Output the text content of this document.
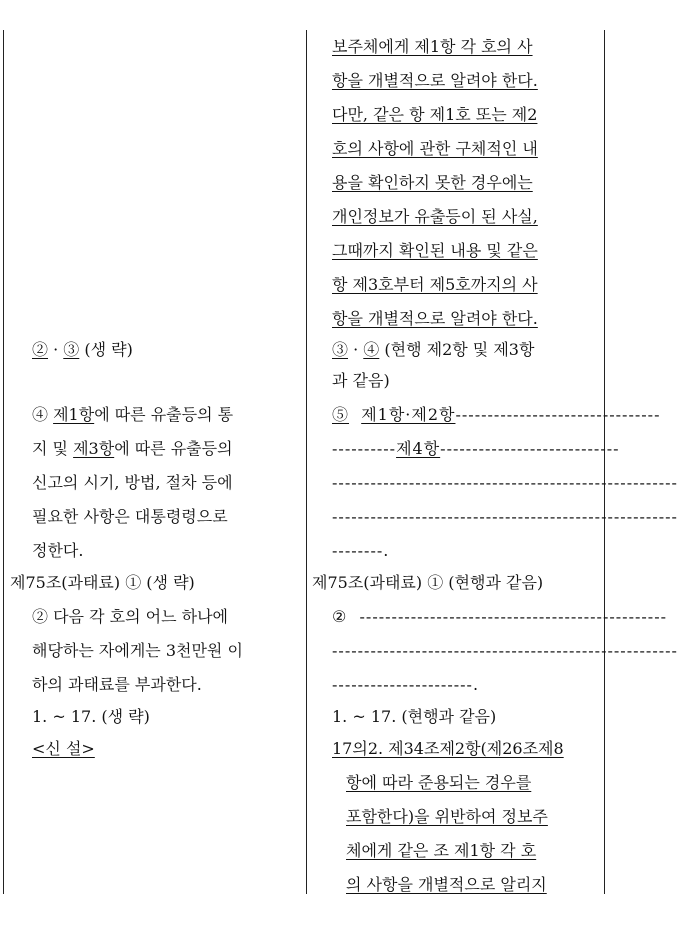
② · ③ (생 략)
④ 제1항에 따른 유출등의 통
지 및 제3항에 따른 유출등의
신고의 시기, 방법, 절차 등에
필요한 사항은 대통령령으로
정한다.
제75조(과태료) ① (생 략)
② 다음 각 호의 어느 하나에
해당하는 자에게는 3천만원 이
하의 과태료를 부과한다.
1. ~ 17. (생 략)
<신 설>
보주체에게 제1항 각 호의 사
항을 개별적으로 알려야 한다.
다만, 같은 항 제1호 또는 제2
호의 사항에 관한 구체적인 내
용을 확인하지 못한 경우에는
개인정보가 유출등이 된 사실,
그때까지 확인된 내용 및 같은
항 제3호부터 제5호까지의 사
항을 개별적으로 알려야 한다.
③ · ④ (현행 제2항 및 제3항
과 같음)
⑤ 제1항·제2항--------------------------------
----------제4항----------------------------
------------------------------------------------------
------------------------------------------------------
--------.
제75조(과태료) ① (현행과 같음)
② ------------------------------------------------
------------------------------------------------------
----------------------.
1. ~ 17. (현행과 같음)
17의2. 제34조제2항(제26조제8
항에 따라 준용되는 경우를
포함한다)을 위반하여 정보주
체에게 같은 조 제1항 각 호
의 사항을 개별적으로 알리지
